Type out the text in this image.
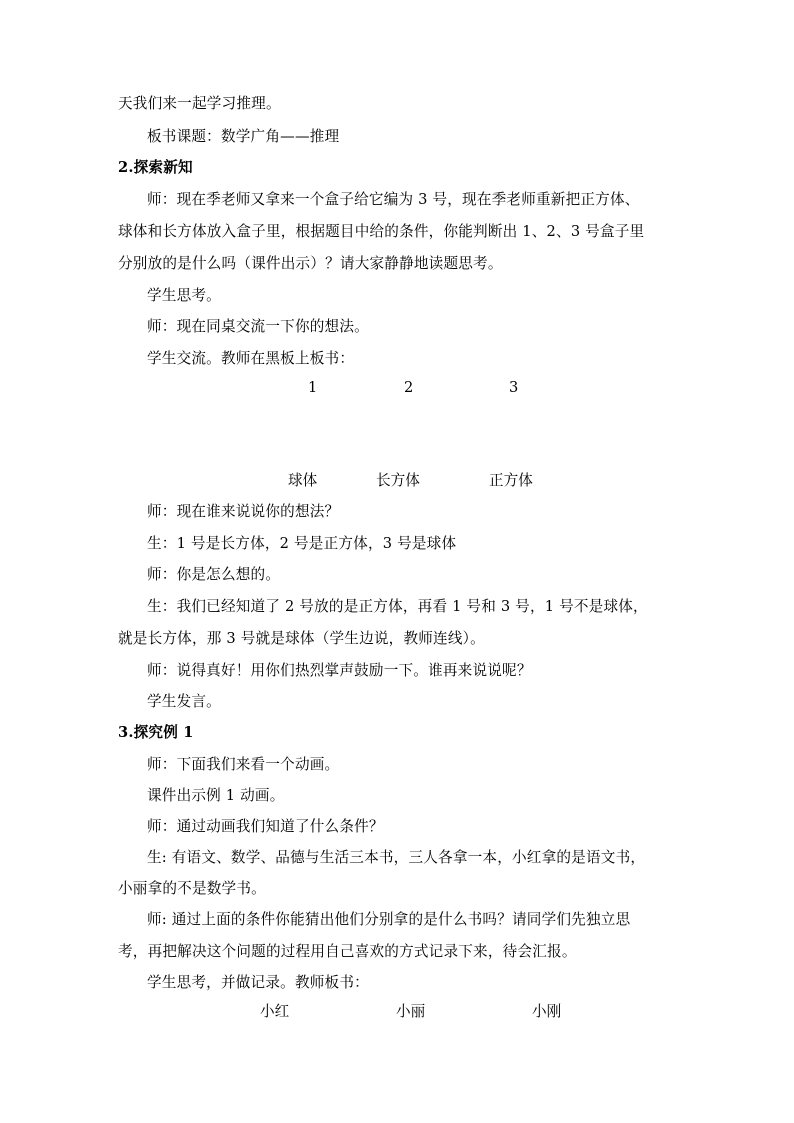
天我们来一起学习推理。
板书课题：数学广角——推理
2.探索新知
师：现在季老师又拿来一个盒子给它编为 3 号，现在季老师重新把正方体、
球体和长方体放入盒子里，根据题目中给的条件，你能判断出 1、2、3 号盒子里
分别放的是什么吗（课件出示）？请大家静静地读题思考。
学生思考。
师：现在同桌交流一下你的想法。
学生交流。教师在黑板上板书：
1	2	3
球体	长方体	正方体
师：现在谁来说说你的想法？
生：1 号是长方体，2 号是正方体，3 号是球体
师：你是怎么想的。
生：我们已经知道了 2 号放的是正方体，再看 1 号和 3 号，1 号不是球体，
就是长方体，那 3 号就是球体（学生边说，教师连线）。
师：说得真好！用你们热烈掌声鼓励一下。谁再来说说呢？
学生发言。
3.探究例 1
师：下面我们来看一个动画。
课件出示例 1 动画。
师：通过动画我们知道了什么条件？
生: 有语文、数学、品德与生活三本书，三人各拿一本，小红拿的是语文书，
小丽拿的不是数学书。
师: 通过上面的条件你能猜出他们分别拿的是什么书吗？请同学们先独立思
考，再把解决这个问题的过程用自己喜欢的方式记录下来，待会汇报。
学生思考，并做记录。教师板书：
小红	小丽	小刚
